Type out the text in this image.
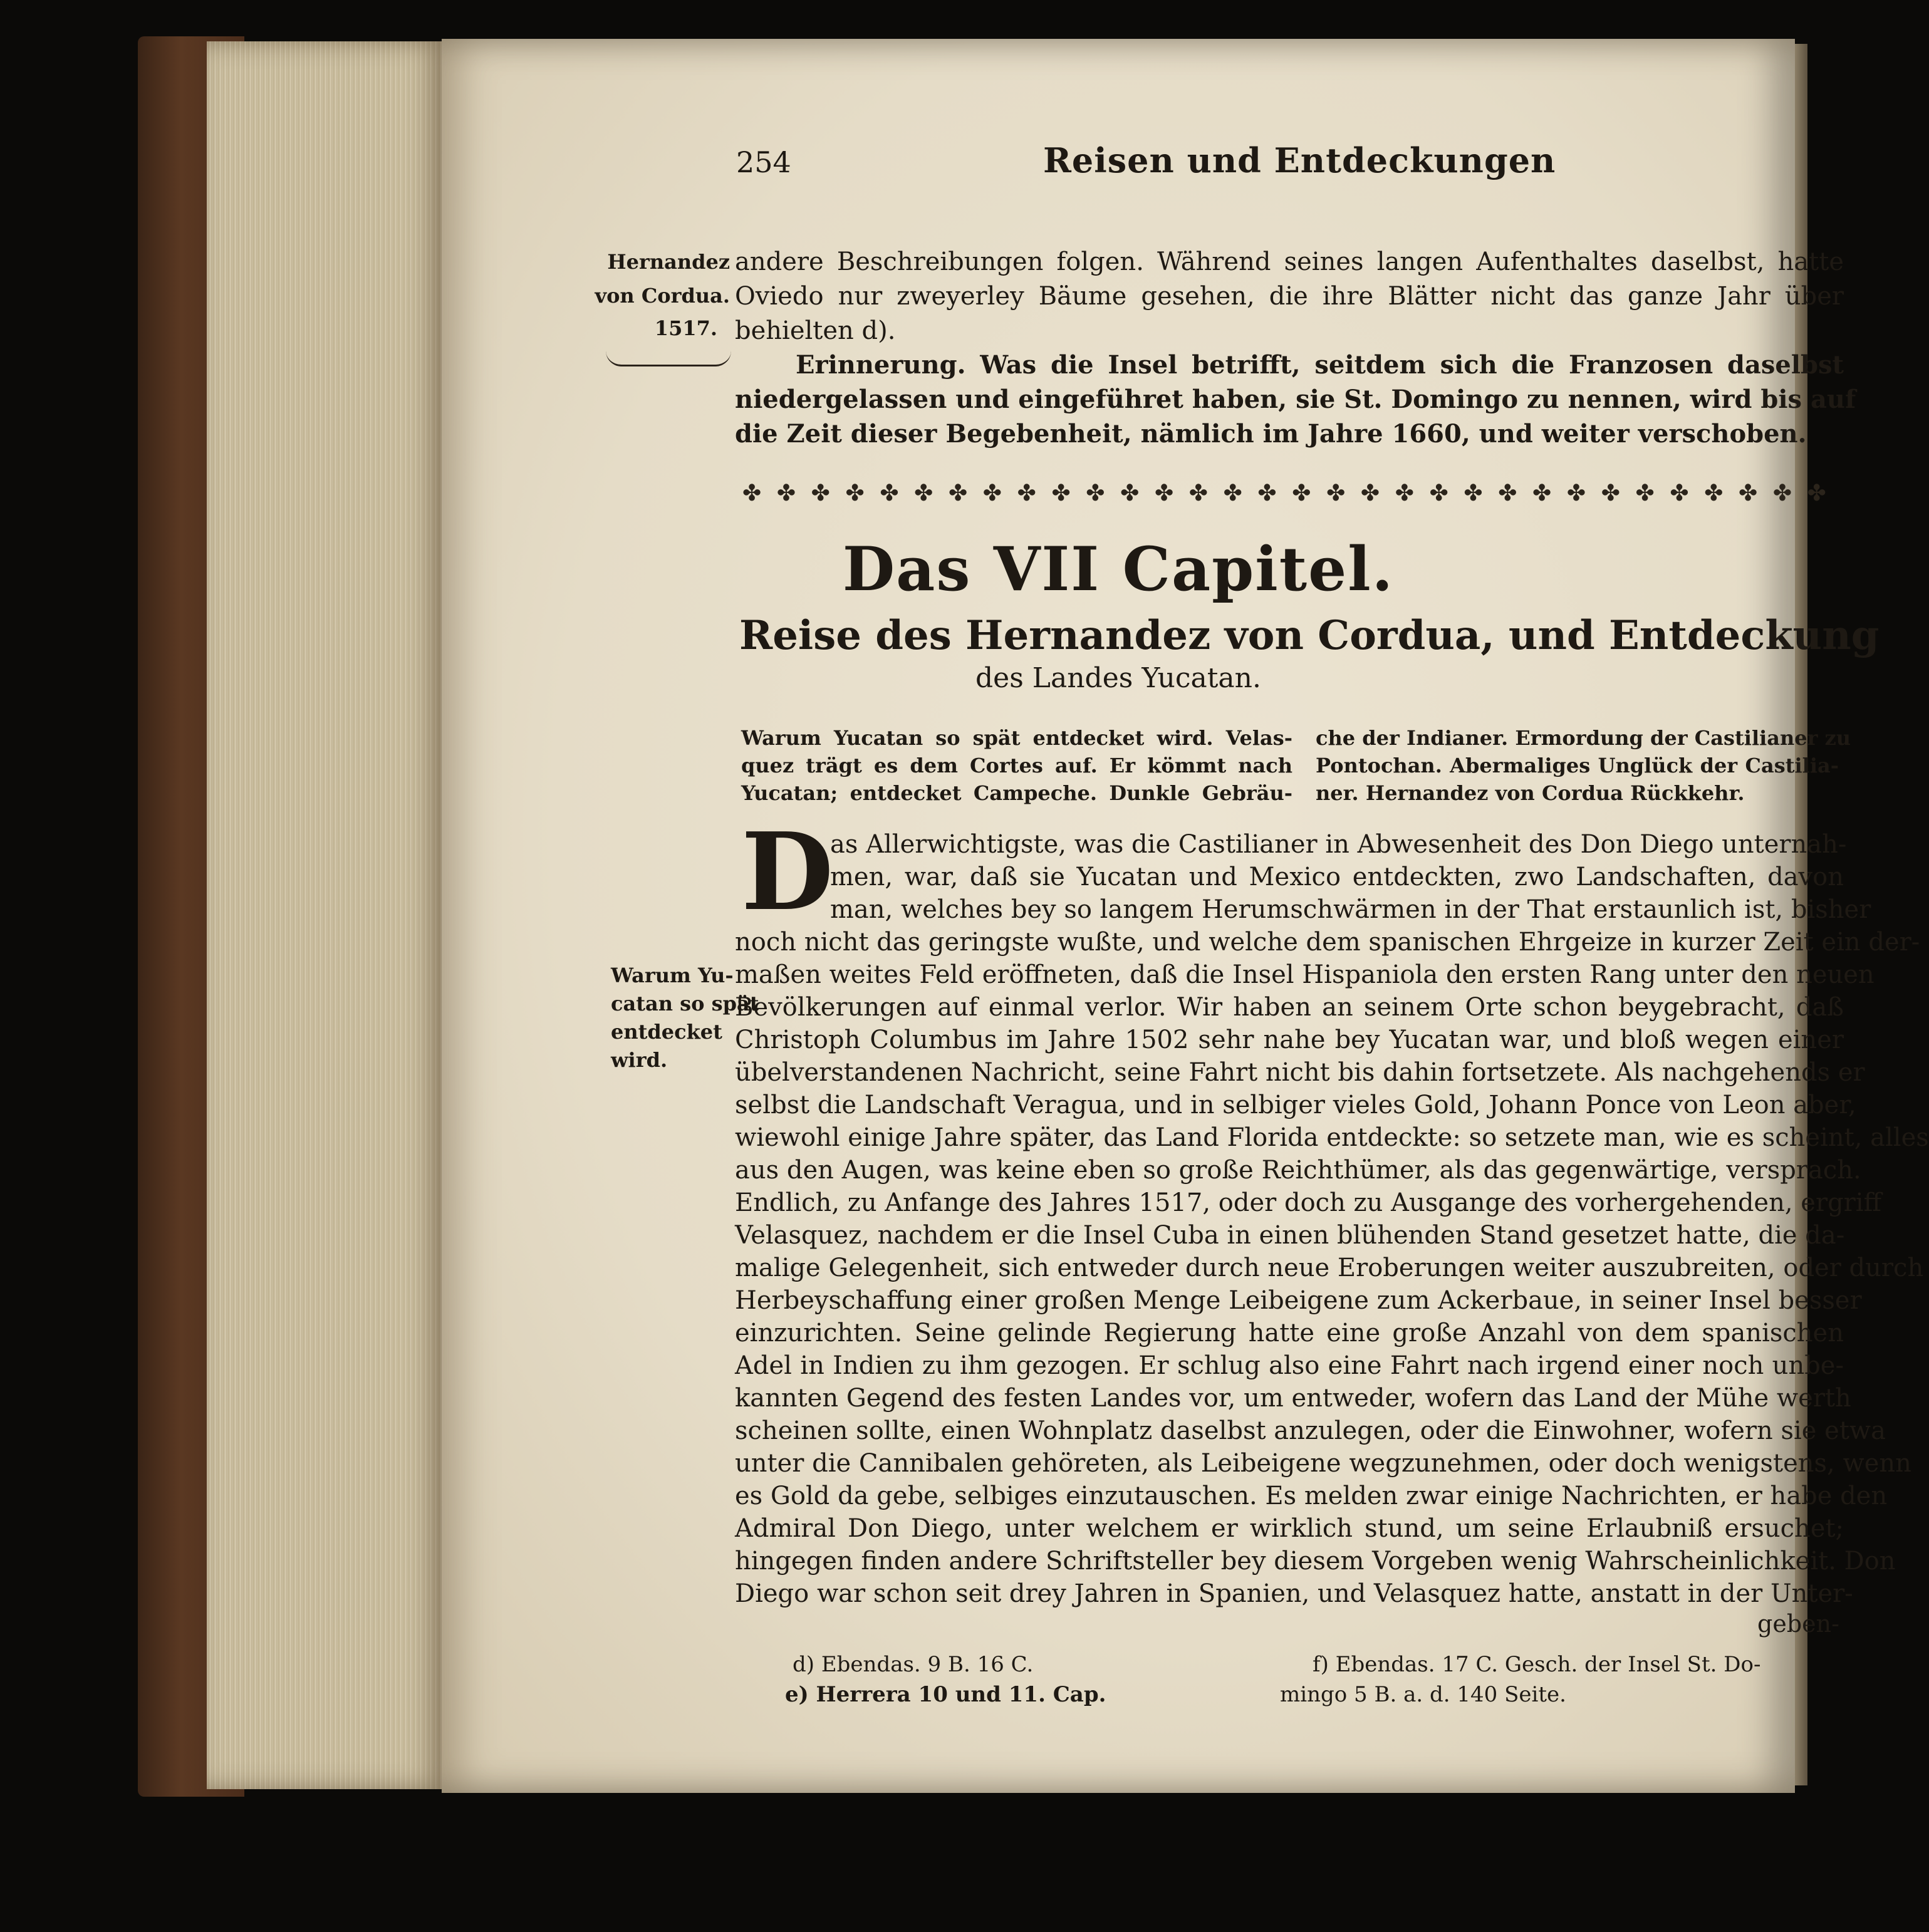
254	Reisen und Entdeckungen
Hernandez
von Cordua.
1517.
andere Beschreibungen folgen. Während seines langen Aufenthaltes daselbst, hatte
Oviedo nur zweyerley Bäume gesehen, die ihre Blätter nicht das ganze Jahr über
behielten d).
Erinnerung. Was die Insel betrifft, seitdem sich die Franzosen daselbst
niedergelassen und eingeführet haben, sie St. Domingo zu nennen, wird bis auf
die Zeit dieser Begebenheit, nämlich im Jahre 1660, und weiter verschoben.
✤ ✤ ✤ ✤ ✤ ✤ ✤ ✤ ✤ ✤ ✤ ✤ ✤ ✤ ✤ ✤ ✤ ✤ ✤ ✤ ✤ ✤ ✤ ✤ ✤ ✤ ✤ ✤ ✤ ✤ ✤ ✤
Das VII Capitel.
Reise des Hernandez von Cordua, und Entdeckung
des Landes Yucatan.
Warum Yucatan so spät entdecket wird. Velas-
quez trägt es dem Cortes auf. Er kömmt nach
Yucatan; entdecket Campeche. Dunkle Gebräu-
che der Indianer. Ermordung der Castilianer zu
Pontochan. Abermaliges Unglück der Castilia-
ner. Hernandez von Cordua Rückkehr.
D
Warum Yu-
catan so spät
entdecket
wird.
as Allerwichtigste, was die Castilianer in Abwesenheit des Don Diego unternah-
men, war, daß sie Yucatan und Mexico entdeckten, zwo Landschaften, davon
man, welches bey so langem Herumschwärmen in der That erstaunlich ist, bisher
noch nicht das geringste wußte, und welche dem spanischen Ehrgeize in kurzer Zeit ein der-
maßen weites Feld eröffneten, daß die Insel Hispaniola den ersten Rang unter den neuen
Bevölkerungen auf einmal verlor. Wir haben an seinem Orte schon beygebracht, daß
Christoph Columbus im Jahre 1502 sehr nahe bey Yucatan war, und bloß wegen einer
übelverstandenen Nachricht, seine Fahrt nicht bis dahin fortsetzete. Als nachgehends er
selbst die Landschaft Veragua, und in selbiger vieles Gold, Johann Ponce von Leon aber,
wiewohl einige Jahre später, das Land Florida entdeckte: so setzete man, wie es scheint, alles
aus den Augen, was keine eben so große Reichthümer, als das gegenwärtige, versprach.
Endlich, zu Anfange des Jahres 1517, oder doch zu Ausgange des vorhergehenden, ergriff
Velasquez, nachdem er die Insel Cuba in einen blühenden Stand gesetzet hatte, die da-
malige Gelegenheit, sich entweder durch neue Eroberungen weiter auszubreiten, oder durch
Herbeyschaffung einer großen Menge Leibeigene zum Ackerbaue, in seiner Insel besser
einzurichten. Seine gelinde Regierung hatte eine große Anzahl von dem spanischen
Adel in Indien zu ihm gezogen. Er schlug also eine Fahrt nach irgend einer noch unbe-
kannten Gegend des festen Landes vor, um entweder, wofern das Land der Mühe werth
scheinen sollte, einen Wohnplatz daselbst anzulegen, oder die Einwohner, wofern sie etwa
unter die Cannibalen gehöreten, als Leibeigene wegzunehmen, oder doch wenigstens, wenn
es Gold da gebe, selbiges einzutauschen. Es melden zwar einige Nachrichten, er habe den
Admiral Don Diego, unter welchem er wirklich stund, um seine Erlaubniß ersuchet;
hingegen finden andere Schriftsteller bey diesem Vorgeben wenig Wahrscheinlichkeit. Don
Diego war schon seit drey Jahren in Spanien, und Velasquez hatte, anstatt in der Unter-
geben-
d) Ebendas. 9 B. 16 C.
e) Herrera 10 und 11. Cap.
f) Ebendas. 17 C. Gesch. der Insel St. Do-
mingo 5 B. a. d. 140 Seite.
